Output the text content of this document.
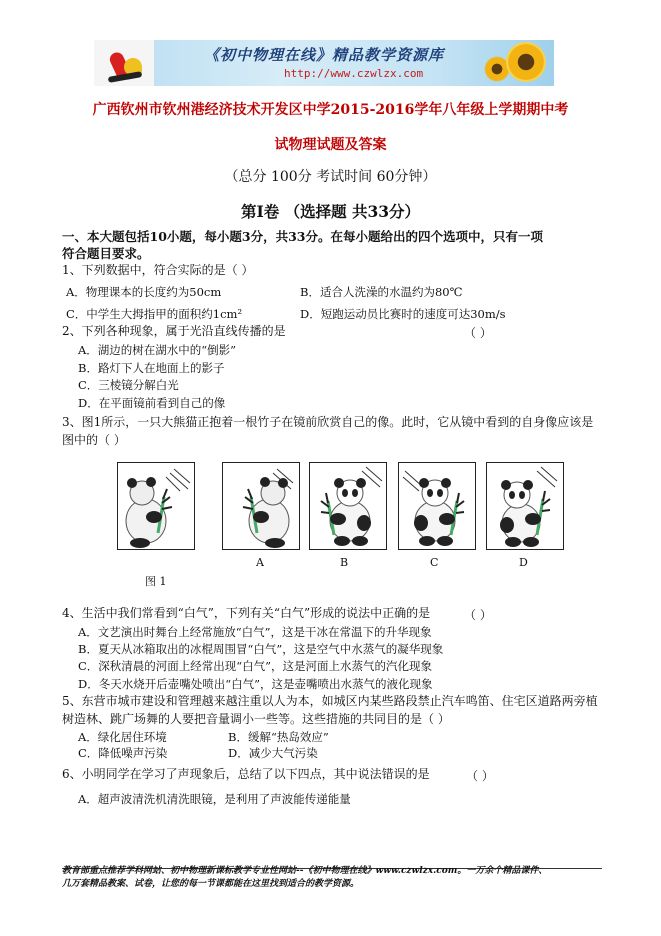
《初中物理在线》精品教学资源库
http://www.czwlzx.com
广西钦州市钦州港经济技术开发区中学2015-2016学年八年级上学期期中考
试物理试题及答案
（总分 100分 考试时间 60分钟）
第Ⅰ卷 （选择题 共33分）
一、本大题包括10小题，每小题3分，共33分。在每小题给出的四个选项中，只有一项
符合题目要求。
1、下列数据中，符合实际的是（ ）
A．物理课本的长度约为50cm	B．适合人洗澡的水温约为80℃
C．中学生大拇指甲的面积约1cm²	D．短跑运动员比赛时的速度可达30m/s
2、下列各种现象，属于光沿直线传播的是	（ ）
A．湖边的树在湖水中的“倒影”
B．路灯下人在地面上的影子
C．三棱镜分解白光
D．在平面镜前看到自己的像
3、图1所示，一只大熊猫正抱着一根竹子在镜前欣赏自己的像。此时，它从镜中看到的自身像应该是
图中的（ ）
图 1
A	B	C	D
4、生活中我们常看到“白气”，下列有关“白气”形成的说法中正确的是	（ ）
A．文艺演出时舞台上经常施放“白气”，这是干冰在常温下的升华现象
B．夏天从冰箱取出的冰棍周围冒“白气”，这是空气中水蒸气的凝华现象
C．深秋清晨的河面上经常出现“白气”，这是河面上水蒸气的汽化现象
D．冬天水烧开后壶嘴处喷出“白气”，这是壶嘴喷出水蒸气的液化现象
5、东营市城市建设和管理越来越注重以人为本，如城区内某些路段禁止汽车鸣笛、住宅区道路两旁植
树造林、跳广场舞的人要把音量调小一些等。这些措施的共同目的是（ ）
A．绿化居住环境	B．缓解“热岛效应”
C．降低噪声污染	D．减少大气污染
6、小明同学在学习了声现象后，总结了以下四点，其中说法错误的是	（ ）
A．超声波清洗机清洗眼镜，是利用了声波能传递能量
教育部重点推荐学科网站、初中物理新课标教学专业性网站--《初中物理在线》www.czwlzx.com。一万余个精品课件、
几万套精品教案、试卷，让您的每一节课都能在这里找到适合的教学资源。
